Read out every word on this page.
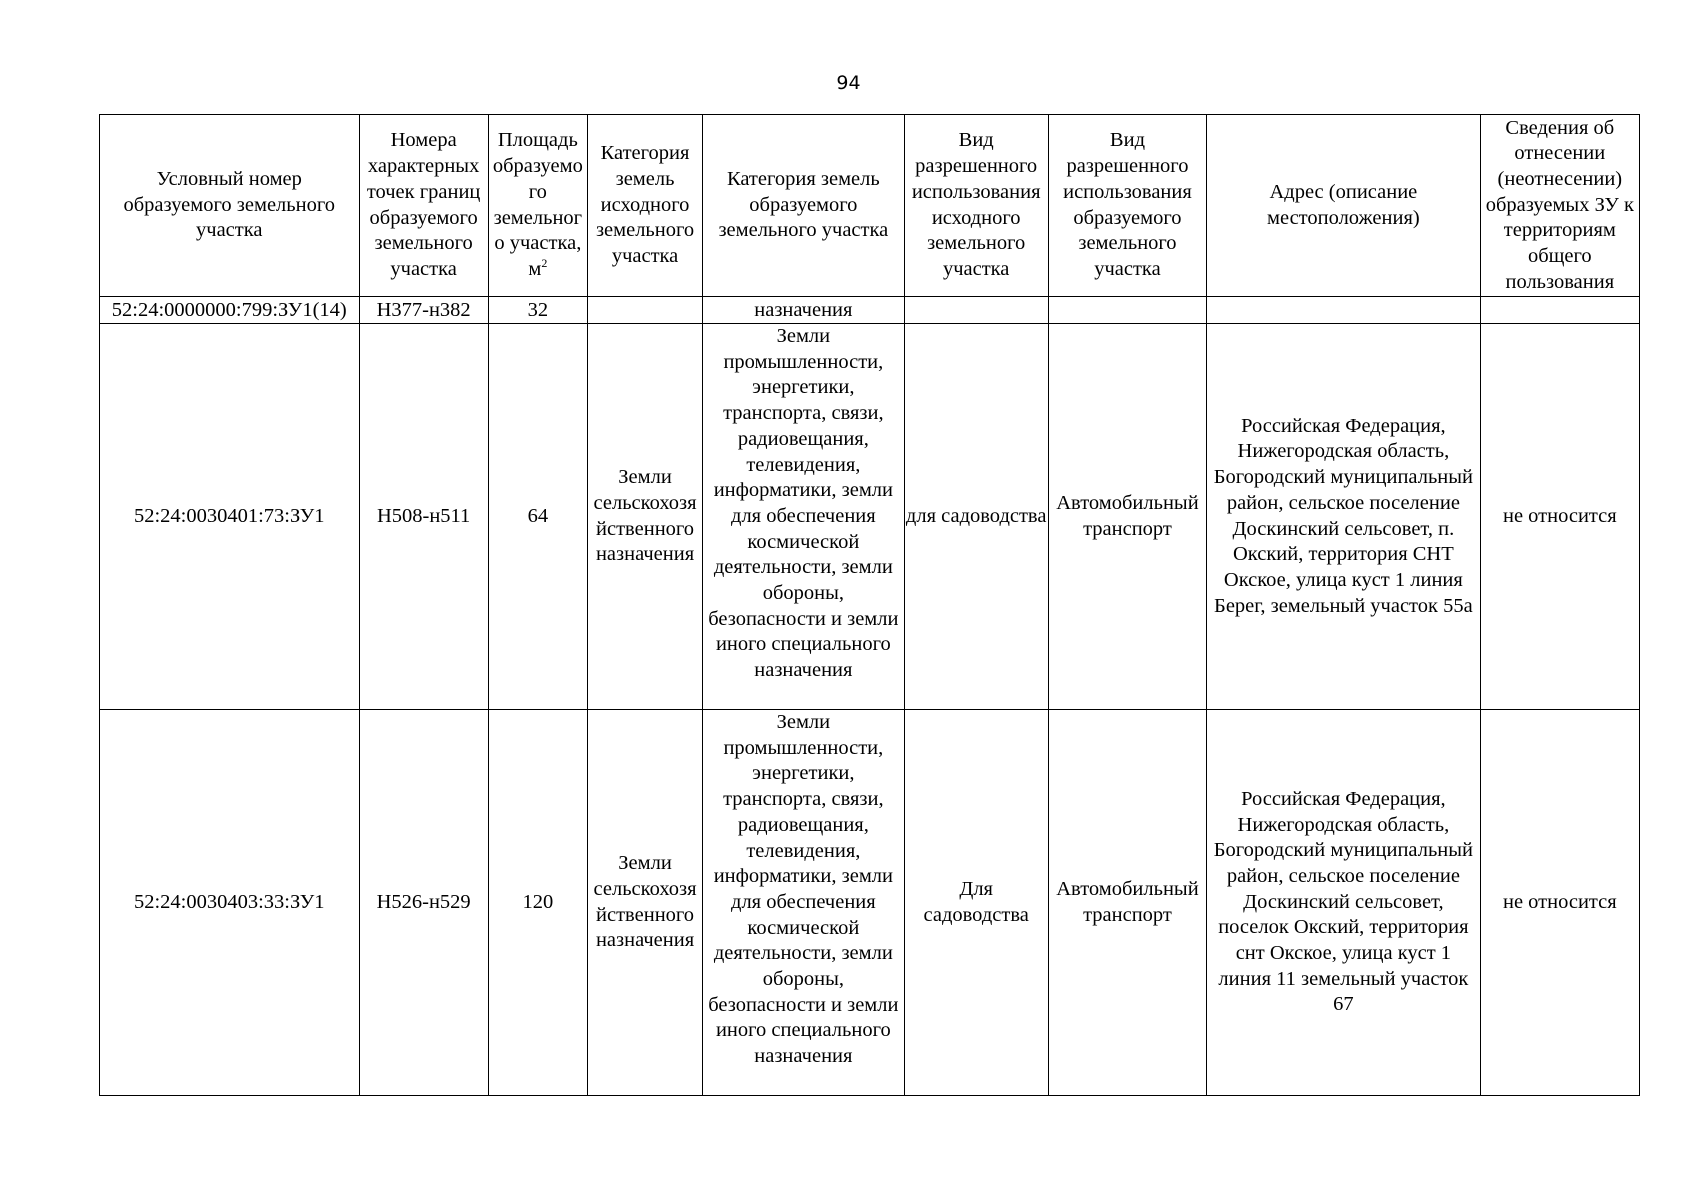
94
Условный номер образуемого земельного участка	Номера характерных точек границ образуемого земельного участка	Площадь образуемого земельного участка, $м^2$	Категория земель исходного земельного участка	Категория земель образуемого земельного участка	Вид разрешенного использования исходного земельного участка	Вид разрешенного использования образуемого земельного участка	Адрес (описание местоположения)	Сведения об отнесении (неотнесении) образуемых ЗУ к территориям общего пользования
52:24:0000000:799:ЗУ1(14)	Н377-н382	32		назначения				
52:24:0030401:73:ЗУ1	Н508-н511	64	Земли сельскохозяйственного назначения	Земли промышленности, энергетики, транспорта, связи, радиовещания, телевидения, информатики, земли для обеспечения космической деятельности, земли обороны, безопасности и земли иного специального назначения	для садоводства	Автомобильный транспорт	Российская Федерация, Нижегородская область, Богородский муниципальный район, сельское поселение Доскинский сельсовет, п. Окский, территория СНТ Окское, улица куст 1 линия Берег, земельный участок 55а	не относится
52:24:0030403:33:ЗУ1	Н526-н529	120	Земли сельскохозяйственного назначения	Земли промышленности, энергетики, транспорта, связи, радиовещания, телевидения, информатики, земли для обеспечения космической деятельности, земли обороны, безопасности и земли иного специального назначения	Для садоводства	Автомобильный транспорт	Российская Федерация, Нижегородская область, Богородский муниципальный район, сельское поселение Доскинский сельсовет, поселок Окский, территория снт Окское, улица куст 1 линия 11 земельный участок 67	не относится
